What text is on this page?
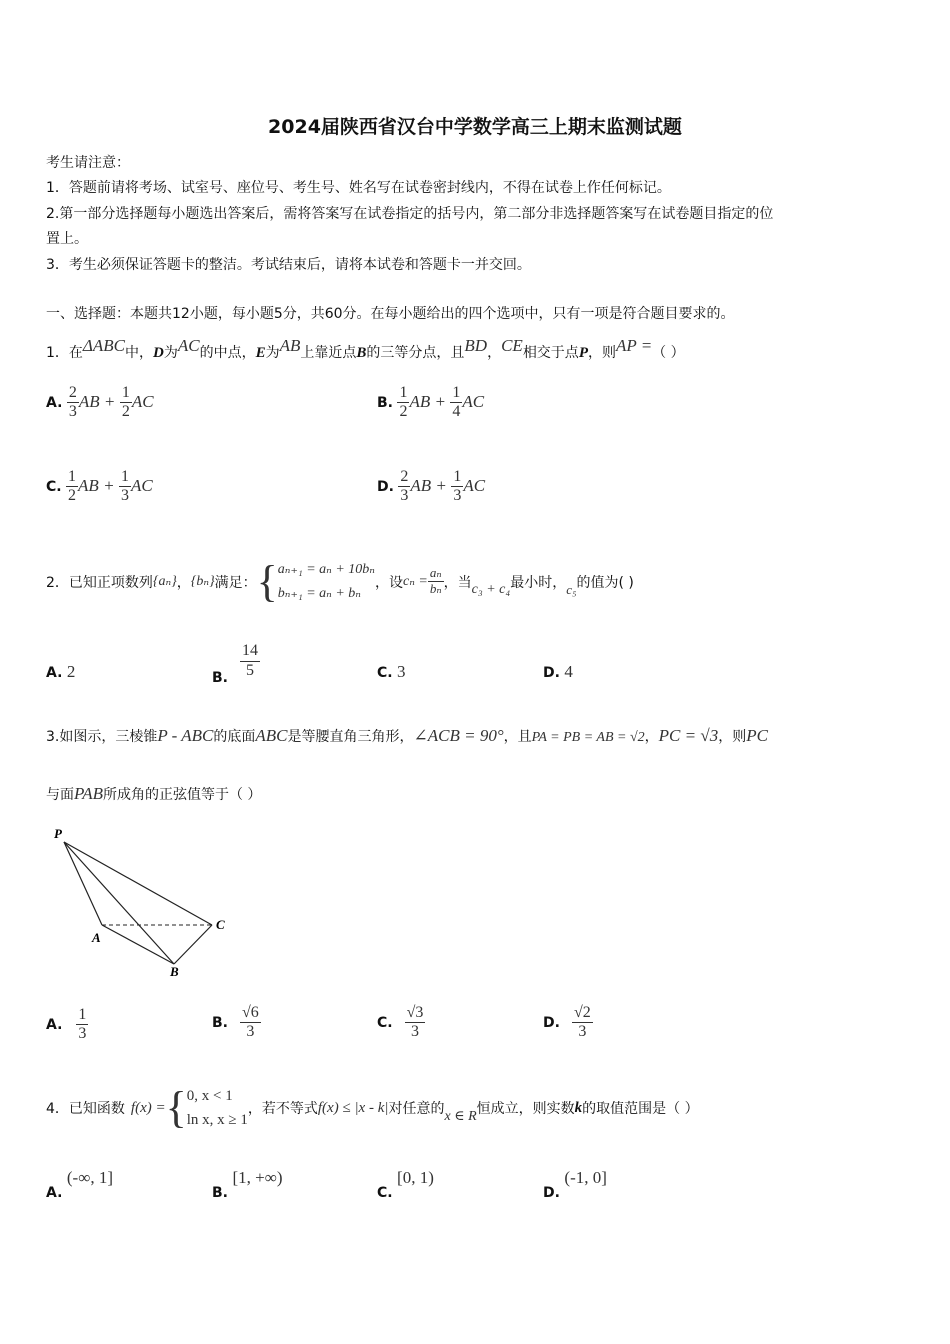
2024届陕西省汉台中学数学高三上期末监测试题
考生请注意：
1．答题前请将考场、试室号、座位号、考生号、姓名写在试卷密封线内，不得在试卷上作任何标记。
2.第一部分选择题每小题选出答案后，需将答案写在试卷指定的括号内，第二部分非选择题答案写在试卷题目指定的位
置上。
3．考生必须保证答题卡的整洁。考试结束后，请将本试卷和答题卡一并交回。
一、选择题：本题共12小题，每小题5分，共60分。在每小题给出的四个选项中，只有一项是符合题目要求的。
1．在ΔABC中，D为AC的中点，E为AB上靠近点B的三等分点，且BD，CE相交于点P，则AP =（ ）
A. $\frac{2}{3}$ AB + $\frac{1}{2}$ AC	B. $\frac{1}{2}$ AB + $\frac{1}{4}$ AC
C. $\frac{1}{2}$ AB + $\frac{1}{3}$ AC	D. $\frac{2}{3}$ AB + $\frac{1}{3}$ AC
2．已知正项数列 {aₙ} ， {bₙ} 满足： { aₙ₊₁ = aₙ + 10bₙ
bₙ₊₁ = aₙ + bₙ
，设 $c_n = \frac{\text{aₙ}}{\text{bₙ}}$ ，当 c₃ + c₄ 最小时， c₅ 的值为( )
A. 2	B. $\frac{14}{5}$	C. 3	D. 4
3.如图示，三棱锥P - ABC的底面ABC是等腰直角三角形，∠ACB = 90°，且PA = PB = AB = √2，PC = √3，则PC
与面PAB所成角的正弦值等于（ ）
P
A
B
C
A. $\frac{1}{3}$	B. $\frac{√6}{3}$	C. $\frac{√3}{3}$	D. $\frac{√2}{3}$
4．已知函数 f(x) = { 0, x < 1
ln x, x ≥ 1
，若不等式 f(x) ≤ |x - k| 对任意的 x ∈ R 恒成立，则实数 k 的取值范围是（ ）
A. (-∞, 1]
B. [1, +∞)
C. [0, 1)
D. (-1, 0]
